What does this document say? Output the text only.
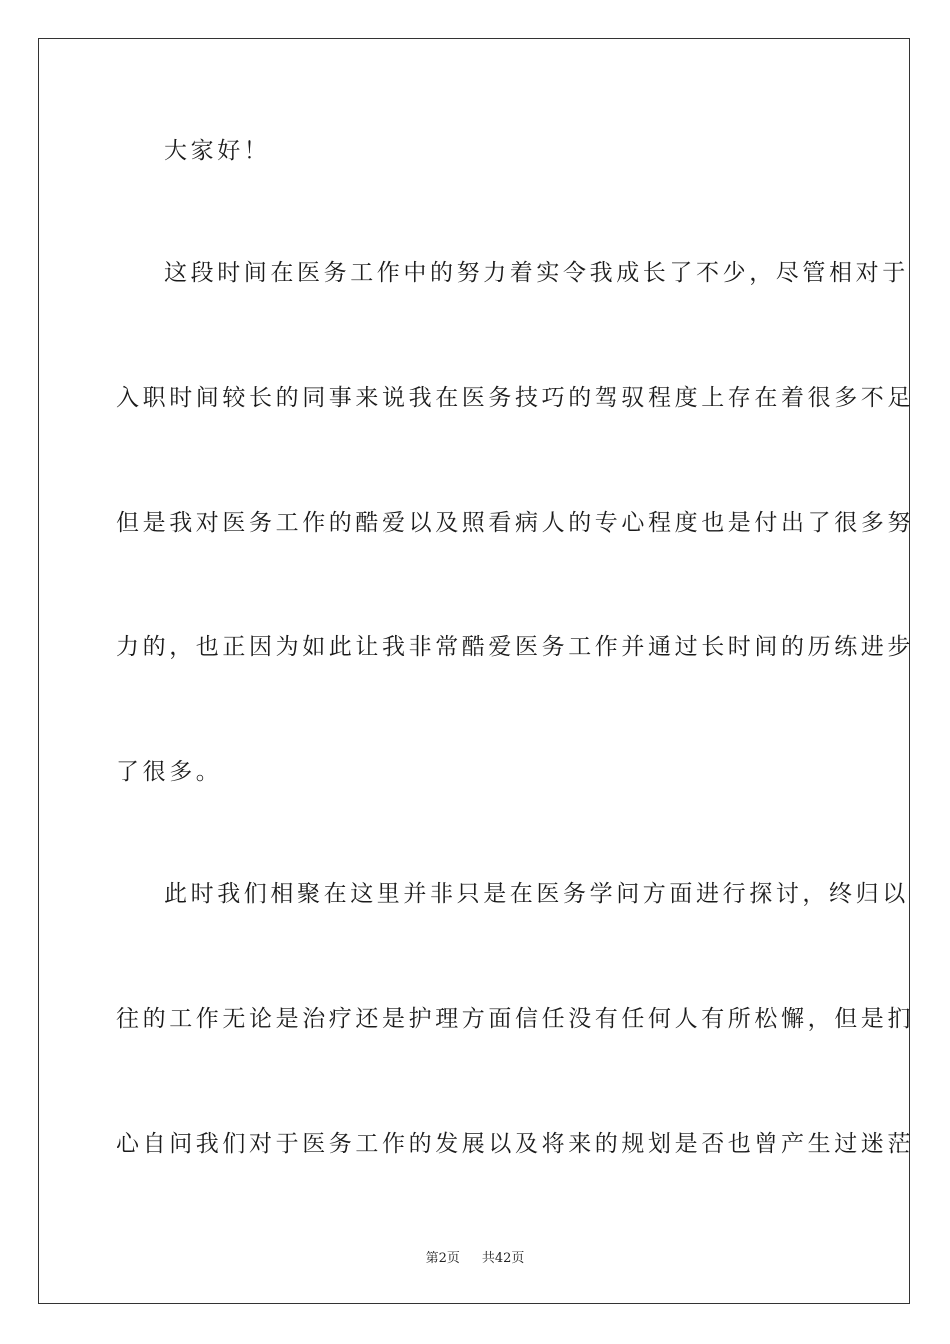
大家好！
这段时间在医务工作中的努力着实令我成长了不少，尽管相对于
入职时间较长的同事来说我在医务技巧的驾驭程度上存在着很多不足
但是我对医务工作的酷爱以及照看病人的专心程度也是付出了很多努
力的，也正因为如此让我非常酷爱医务工作并通过长时间的历练进步
了很多。
此时我们相聚在这里并非只是在医务学问方面进行探讨，终归以
往的工作无论是治疗还是护理方面信任没有任何人有所松懈，但是扪
心自问我们对于医务工作的发展以及将来的规划是否也曾产生过迷茫
第2页 共42页
